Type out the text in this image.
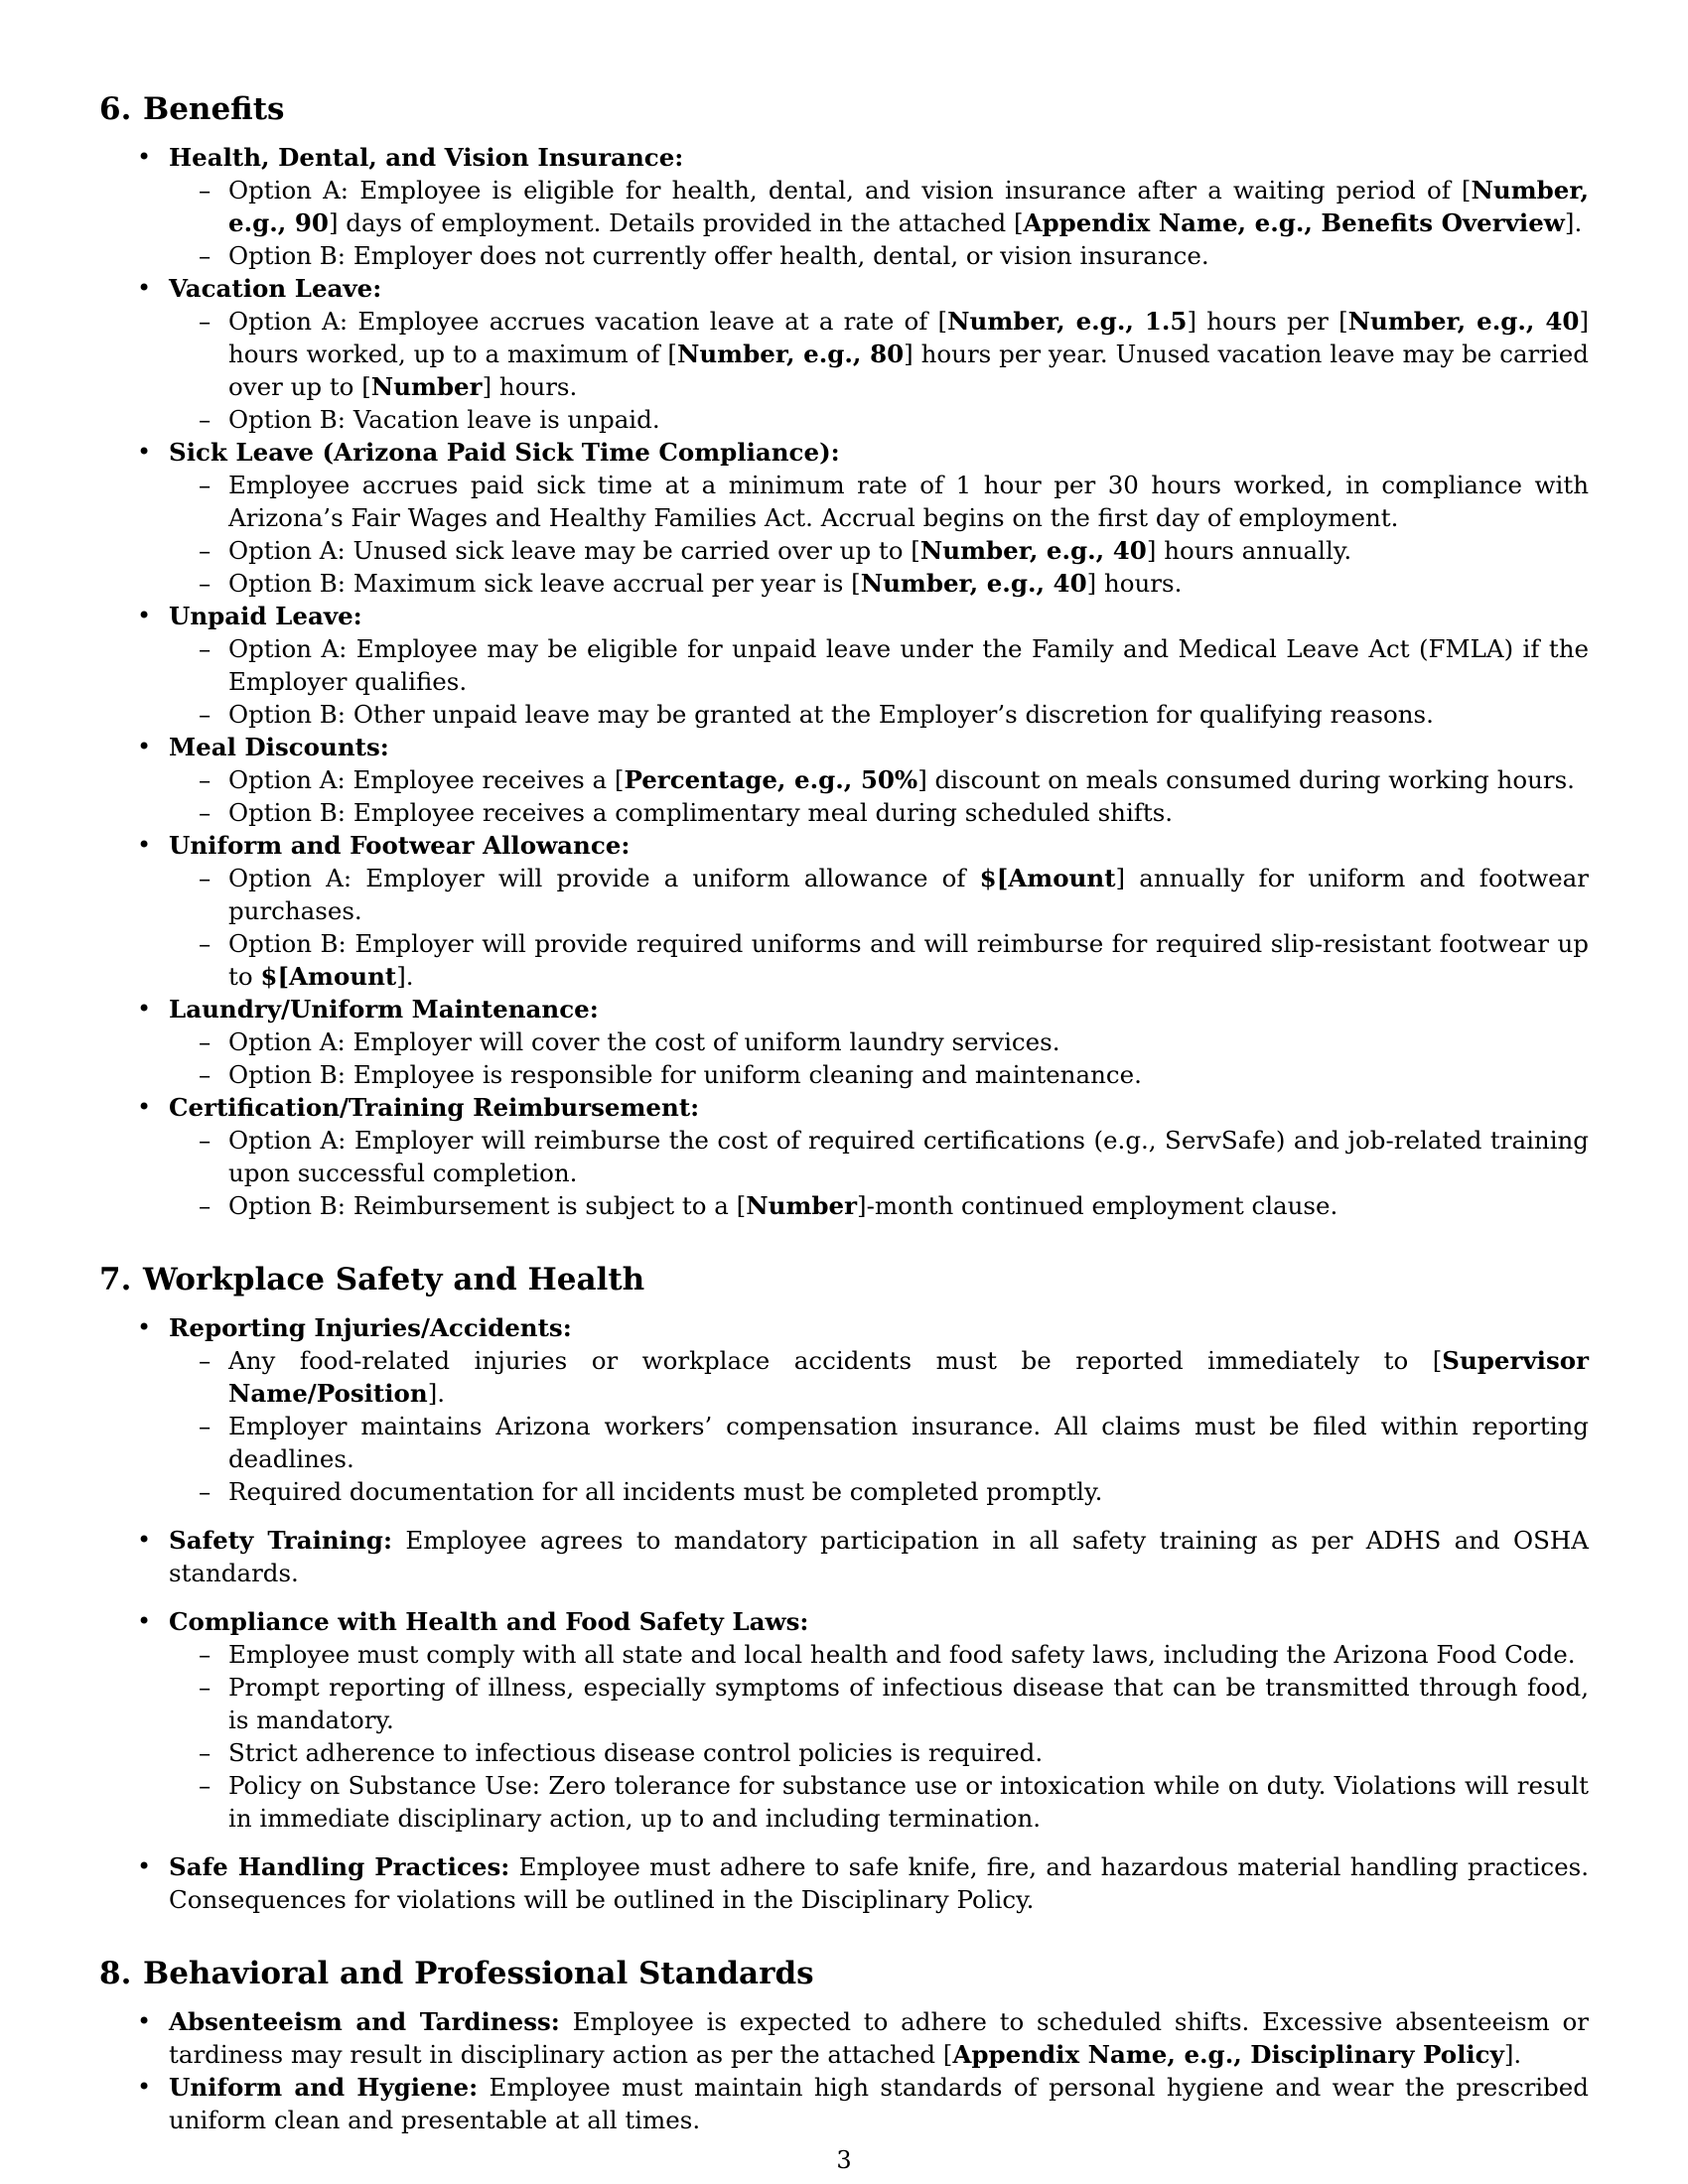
6. Benefits
• Health, Dental, and Vision Insurance:
– Option A: Employee is eligible for health, dental, and vision insurance after a waiting period of [Number, e.g., 90] days of employment. Details provided in the attached [Appendix Name, e.g., Benefits Overview].
– Option B: Employer does not currently offer health, dental, or vision insurance.
• Vacation Leave:
– Option A: Employee accrues vacation leave at a rate of [Number, e.g., 1.5] hours per [Number, e.g., 40] hours worked, up to a maximum of [Number, e.g., 80] hours per year. Unused vacation leave may be carried over up to [Number] hours.
– Option B: Vacation leave is unpaid.
• Sick Leave (Arizona Paid Sick Time Compliance):
– Employee accrues paid sick time at a minimum rate of 1 hour per 30 hours worked, in compliance with Arizona’s Fair Wages and Healthy Families Act. Accrual begins on the first day of employment.
– Option A: Unused sick leave may be carried over up to [Number, e.g., 40] hours annually.
– Option B: Maximum sick leave accrual per year is [Number, e.g., 40] hours.
• Unpaid Leave:
– Option A: Employee may be eligible for unpaid leave under the Family and Medical Leave Act (FMLA) if the Employer qualifies.
– Option B: Other unpaid leave may be granted at the Employer’s discretion for qualifying reasons.
• Meal Discounts:
– Option A: Employee receives a [Percentage, e.g., 50%] discount on meals consumed during working hours.
– Option B: Employee receives a complimentary meal during scheduled shifts.
• Uniform and Footwear Allowance:
– Option A: Employer will provide a uniform allowance of $[Amount] annually for uniform and footwear purchases.
– Option B: Employer will provide required uniforms and will reimburse for required slip-resistant footwear up to $[Amount].
• Laundry/Uniform Maintenance:
– Option A: Employer will cover the cost of uniform laundry services.
– Option B: Employee is responsible for uniform cleaning and maintenance.
• Certification/Training Reimbursement:
– Option A: Employer will reimburse the cost of required certifications (e.g., ServSafe) and job-related training upon successful completion.
– Option B: Reimbursement is subject to a [Number]-month continued employment clause.
7. Workplace Safety and Health
• Reporting Injuries/Accidents:
– Any food-related injuries or workplace accidents must be reported immediately to [Supervisor Name/Position].
– Employer maintains Arizona workers’ compensation insurance. All claims must be filed within reporting deadlines.
– Required documentation for all incidents must be completed promptly.
• Safety Training: Employee agrees to mandatory participation in all safety training as per ADHS and OSHA standards.
• Compliance with Health and Food Safety Laws:
– Employee must comply with all state and local health and food safety laws, including the Arizona Food Code.
– Prompt reporting of illness, especially symptoms of infectious disease that can be transmitted through food, is mandatory.
– Strict adherence to infectious disease control policies is required.
– Policy on Substance Use: Zero tolerance for substance use or intoxication while on duty. Violations will result in immediate disciplinary action, up to and including termination.
• Safe Handling Practices: Employee must adhere to safe knife, fire, and hazardous material handling practices. Consequences for violations will be outlined in the Disciplinary Policy.
8. Behavioral and Professional Standards
• Absenteeism and Tardiness: Employee is expected to adhere to scheduled shifts. Excessive absenteeism or tardiness may result in disciplinary action as per the attached [Appendix Name, e.g., Disciplinary Policy].
• Uniform and Hygiene: Employee must maintain high standards of personal hygiene and wear the prescribed uniform clean and presentable at all times.
3
